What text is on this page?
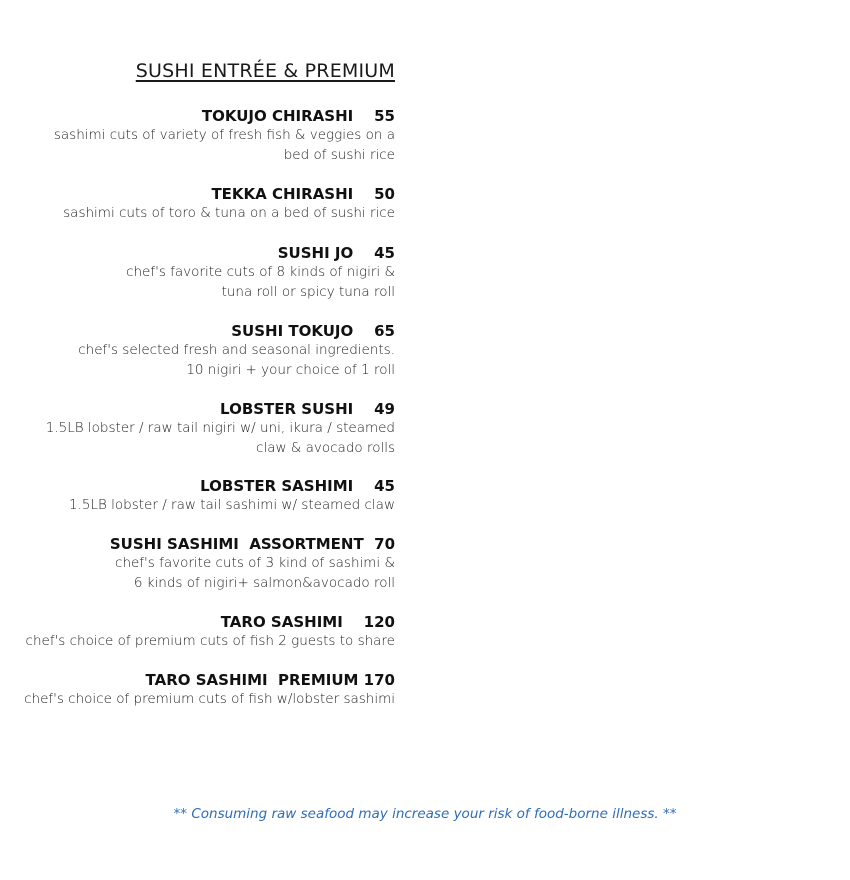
SUSHI ENTRÉE & PREMIUM
TOKUJO CHIRASHI    55
sashimi cuts of variety of fresh fish & veggies on a
bed of sushi rice
TEKKA CHIRASHI    50
sashimi cuts of toro & tuna on a bed of sushi rice
SUSHI JO    45
chef's favorite cuts of 8 kinds of nigiri &
tuna roll or spicy tuna roll
SUSHI TOKUJO    65
chef's selected fresh and seasonal ingredients.
10 nigiri + your choice of 1 roll
LOBSTER SUSHI    49
1.5LB lobster / raw tail nigiri w/ uni, ikura / steamed
claw & avocado rolls
LOBSTER SASHIMI    45
1.5LB lobster / raw tail sashimi w/ steamed claw
SUSHI SASHIMI  ASSORTMENT  70
chef's favorite cuts of 3 kind of sashimi &
6 kinds of nigiri+ salmon&avocado roll
TARO SASHIMI    120
chef's choice of premium cuts of fish 2 guests to share
TARO SASHIMI  PREMIUM 170
chef's choice of premium cuts of fish w/lobster sashimi
** Consuming raw seafood may increase your risk of food-borne illness. **
